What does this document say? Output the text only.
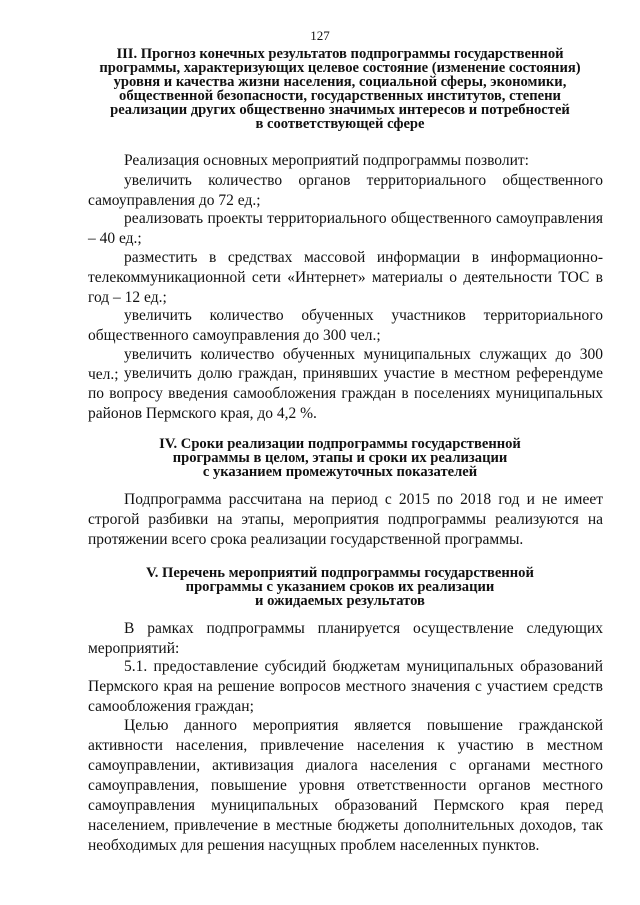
127
III. Прогноз конечных результатов подпрограммы государственной
программы, характеризующих целевое состояние (изменение состояния)
уровня и качества жизни населения, социальной сферы, экономики,
общественной безопасности, государственных институтов, степени
реализации других общественно значимых интересов и потребностей
в соответствующей сфере
Реализация основных мероприятий подпрограммы позволит:
увеличить количество органов территориального общественного самоуправления до 72 ед.;
реализовать проекты территориального общественного самоуправления – 40 ед.;
разместить в средствах массовой информации в информационно-телекоммуникационной сети «Интернет» материалы о деятельности ТОС в год – 12 ед.;
увеличить количество обученных участников территориального общественного самоуправления до 300 чел.;
увеличить количество обученных муниципальных служащих до 300 чел.; увеличить долю граждан, принявших участие в местном референдуме по вопросу введения самообложения граждан в поселениях муниципальных районов Пермского края, до 4,2 %.
IV. Сроки реализации подпрограммы государственной
программы в целом, этапы и сроки их реализации
с указанием промежуточных показателей
Подпрограмма рассчитана на период с 2015 по 2018 год и не имеет строгой разбивки на этапы, мероприятия подпрограммы реализуются на протяжении всего срока реализации государственной программы.
V. Перечень мероприятий подпрограммы государственной
программы с указанием сроков их реализации
и ожидаемых результатов
В рамках подпрограммы планируется осуществление следующих мероприятий:
5.1. предоставление субсидий бюджетам муниципальных образований Пермского края на решение вопросов местного значения с участием средств самообложения граждан;
Целью данного мероприятия является повышение гражданской активности населения, привлечение населения к участию в местном самоуправлении, активизация диалога населения с органами местного самоуправления, повышение уровня ответственности органов местного самоуправления муниципальных образований Пермского края перед населением, привлечение в местные бюджеты дополнительных доходов, так необходимых для решения насущных проблем населенных пунктов.
